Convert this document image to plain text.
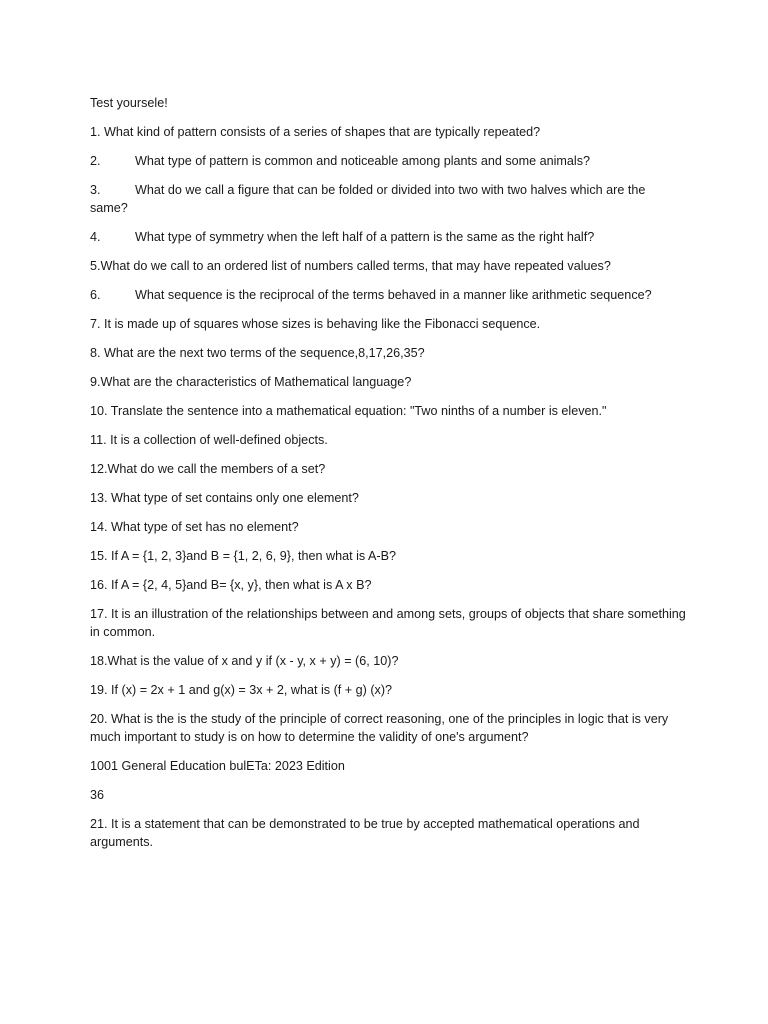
Test yoursele!
1. What kind of pattern consists of a series of shapes that are typically repeated?
2.	What type of pattern is common and noticeable among plants and some animals?
3.	What do we call a figure that can be folded or divided into two with two halves which are the same?
4.	What type of symmetry when the left half of a pattern is the same as the right half?
5.What do we call to an ordered list of numbers called terms, that may have repeated values?
6.	What sequence is the reciprocal of the terms behaved in a manner like arithmetic sequence?
7. It is made up of squares whose sizes is behaving like the Fibonacci sequence.
8. What are the next two terms of the sequence,8,17,26,35?
9.What are the characteristics of Mathematical language?
10. Translate the sentence into a mathematical equation: "Two ninths of a number is eleven."
11. It is a collection of well-defined objects.
12.What do we call the members of a set?
13. What type of set contains only one element?
14. What type of set has no element?
15. If A = {1, 2, 3}and B = {1, 2, 6, 9}, then what is A-B?
16. If A = {2, 4, 5}and B= {x, y}, then what is A x B?
17. It is an illustration of the relationships between and among sets, groups of objects that share something in common.
18.What is the value of x and y if (x - y, x + y) = (6, 10)?
19. If (x) = 2x + 1 and g(x) = 3x + 2, what is (f + g) (x)?
20. What is the is the study of the principle of correct reasoning, one of the principles in logic that is very much important to study is on how to determine the validity of one's argument?
1001 General Education bulETa: 2023 Edition
36
21. It is a statement that can be demonstrated to be true by accepted mathematical operations and arguments.
